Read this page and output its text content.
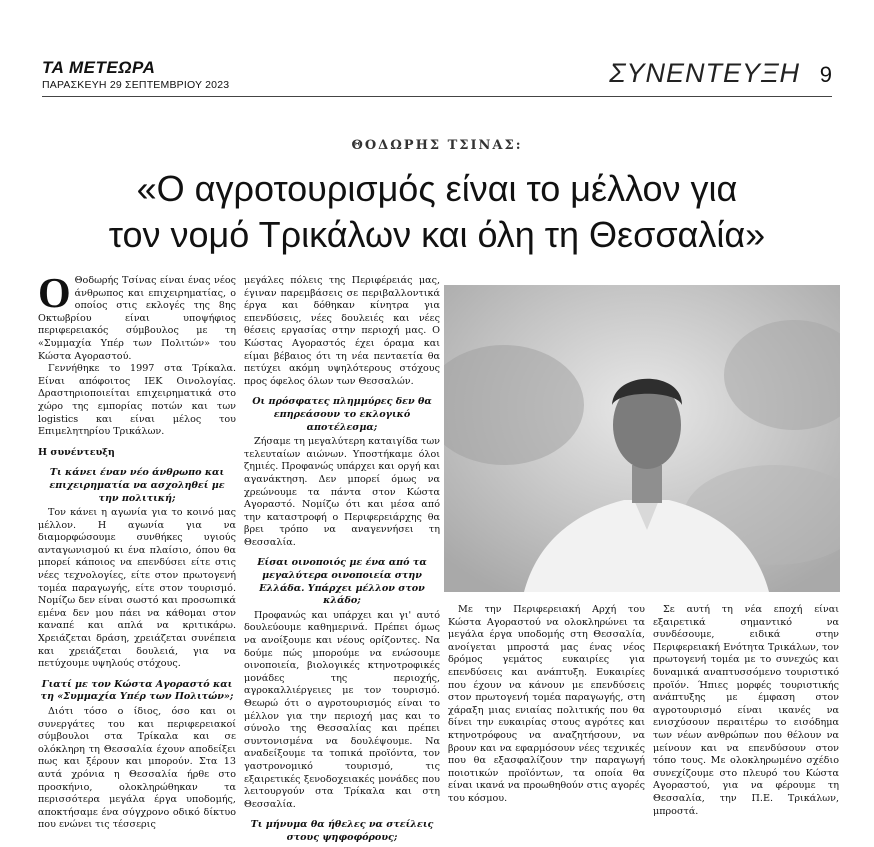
ΤΑ ΜΕΤΕΩΡΑ
ΠΑΡΑΣΚΕΥΗ 29 ΣΕΠΤΕΜΒΡΙΟΥ 2023	ΣΥΝΕΝΤΕΥΞΗ 9
ΘΟΔΩΡΗΣ ΤΣΙΝΑΣ:
«Ο αγροτουρισμός είναι το μέλλον για
τον νομό Τρικάλων και όλη τη Θεσσαλία»

Ο Θοδωρής Τσίνας είναι ένας νέος άνθρωπος και επιχειρηματίας, ο οποίος στις εκλογές της 8ης Οκτωβρίου είναι υποψήφιος περιφερειακός σύμβουλος με τη «Συμμαχία Υπέρ των Πολιτών» του Κώστα Αγοραστού.

Γεννήθηκε το 1997 στα Τρίκαλα. Είναι απόφοιτος ΙΕΚ Οινολογίας. Δραστηριοποιείται επιχειρηματικά στο χώρο της εμπορίας ποτών και των logistics και είναι μέλος του Επιμελητηρίου Τρικάλων.

Η συνέντευξη

Τι κάνει έναν νέο άνθρωπο και επιχειρηματία να ασχοληθεί με την πολιτική;

Τον κάνει η αγωνία για το κοινό μας μέλλον. Η αγωνία για να διαμορφώσουμε συνθήκες υγιούς ανταγωνισμού κι ένα πλαίσιο, όπου θα μπορεί κάποιος να επενδύσει είτε στις νέες τεχνολογίες, είτε στον πρωτογενή τομέα παραγωγής, είτε στον τουρισμό. Νομίζω δεν είναι σωστό και προσωπικά εμένα δεν μου πάει να κάθομαι στον καναπέ και απλά να κριτικάρω. Χρειάζεται δράση, χρειάζεται συνέπεια και χρειάζεται δουλειά, για να πετύχουμε υψηλούς στόχους.

Γιατί με τον Κώστα Αγοραστό και τη «Συμμαχία Υπέρ των Πολιτών»;

Διότι τόσο ο ίδιος, όσο και οι συνεργάτες του και περιφερειακοί σύμβουλοι στα Τρίκαλα και σε ολόκληρη τη Θεσσαλία έχουν αποδείξει πως και ξέρουν και μπορούν. Στα 13 αυτά χρόνια η Θεσσαλία ήρθε στο προσκήνιο, ολοκληρώθηκαν τα περισσότερα μεγάλα έργα υποδομής, αποκτήσαμε ένα σύγχρονο οδικό δίκτυο που ενώνει τις τέσσερις

μεγάλες πόλεις της Περιφέρειάς μας, έγιναν παρεμβάσεις σε περιβαλλοντικά έργα και δόθηκαν κίνητρα για επενδύσεις, νέες δουλειές και νέες θέσεις εργασίας στην περιοχή μας. Ο Κώστας Αγοραστός έχει όραμα και είμαι βέβαιος ότι τη νέα πενταετία θα πετύχει ακόμη υψηλότερους στόχους προς όφελος όλων των Θεσσαλών.

Οι πρόσφατες πλημμύρες δεν θα επηρεάσουν το εκλογικό αποτέλεσμα;

Ζήσαμε τη μεγαλύτερη καταιγίδα των τελευταίων αιώνων. Υποστήκαμε όλοι ζημιές. Προφανώς υπάρχει και οργή και αγανάκτηση. Δεν μπορεί όμως να χρεώνουμε τα πάντα στον Κώστα Αγοραστό. Νομίζω ότι και μέσα από την καταστροφή ο Περιφερειάρχης θα βρει τρόπο να αναγεννήσει τη Θεσσαλία.

Είσαι οινοποιός με ένα από τα μεγαλύτερα οινοποιεία στην Ελλάδα. Υπάρχει μέλλον στον κλάδο;

Προφανώς και υπάρχει και γι' αυτό δουλεύουμε καθημερινά. Πρέπει όμως να ανοίξουμε και νέους ορίζοντες. Να δούμε πώς μπορούμε να ενώσουμε οινοποιεία, βιολογικές κτηνοτροφικές μονάδες της περιοχής, αγροκαλλιέργειες με τον τουρισμό. Θεωρώ ότι ο αγροτουρισμός είναι το μέλλον για την περιοχή μας και το σύνολο της Θεσσαλίας και πρέπει συντονισμένα να δουλέψουμε. Να αναδείξουμε τα τοπικά προϊόντα, τον γαστρονομικό τουρισμό, τις εξαιρετικές ξενοδοχειακές μονάδες που λειτουργούν στα Τρίκαλα και στη Θεσσαλία.

Τι μήνυμα θα ήθελες να στείλεις στους ψηφοφόρους;

Με την Περιφερειακή Αρχή του Κώστα Αγοραστού να ολοκληρώνει τα μεγάλα έργα υποδομής στη Θεσσαλία, ανοίγεται μπροστά μας ένας νέος δρόμος γεμάτος ευκαιρίες για επενδύσεις και ανάπτυξη. Ευκαιρίες που έχουν να κάνουν με επενδύσεις στον πρωτογενή τομέα παραγωγής, στη χάραξη μιας ενιαίας πολιτικής που θα δίνει την ευκαιρίας στους αγρότες και κτηνοτρόφους να αναζητήσουν, να βρουν και να εφαρμόσουν νέες τεχνικές που θα εξασφαλίζουν την παραγωγή ποιοτικών προϊόντων, τα οποία θα είναι ικανά να προωθηθούν στις αγορές του κόσμου.

Σε αυτή τη νέα εποχή είναι εξαιρετικά σημαντικό να συνδέσουμε, ειδικά στην Περιφερειακή Ενότητα Τρικάλων, τον πρωτογενή τομέα με το συνεχώς και δυναμικά αναπτυσσόμενο τουριστικό προϊόν. Ήπιες μορφές τουριστικής ανάπτυξης με έμφαση στον αγροτουρισμό είναι ικανές να ενισχύσουν περαιτέρω το εισόδημα των νέων ανθρώπων που θέλουν να μείνουν και να επενδύσουν στον τόπο τους. Με ολοκληρωμένο σχέδιο συνεχίζουμε στο πλευρό του Κώστα Αγοραστού, για να φέρουμε τη Θεσσαλία, την Π.Ε. Τρικάλων, μπροστά.
